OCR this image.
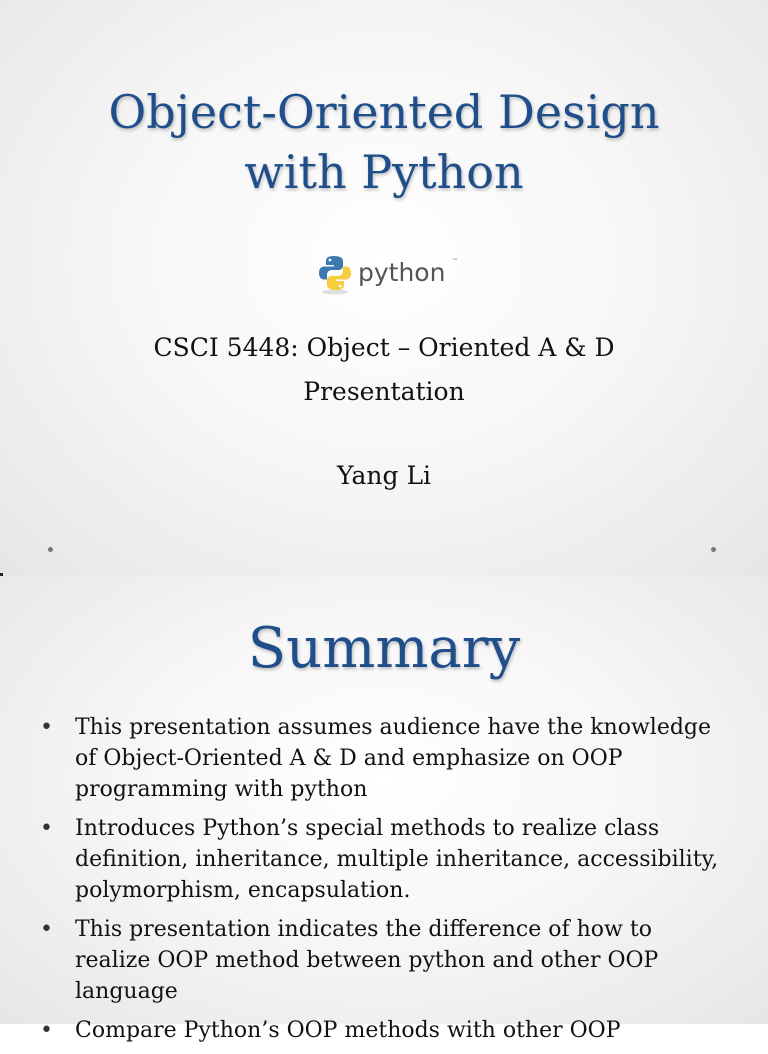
Object-Oriented Design
with Python
python ™
CSCI 5448: Object – Oriented A & D
Presentation
Yang Li
Summary
• This presentation assumes audience have the knowledge
of Object-Oriented A & D and emphasize on OOP
programming with python
• Introduces Python’s special methods to realize class
definition, inheritance, multiple inheritance, accessibility,
polymorphism, encapsulation.
• This presentation indicates the difference of how to
realize OOP method between python and other OOP
language
• Compare Python’s OOP methods with other OOP
